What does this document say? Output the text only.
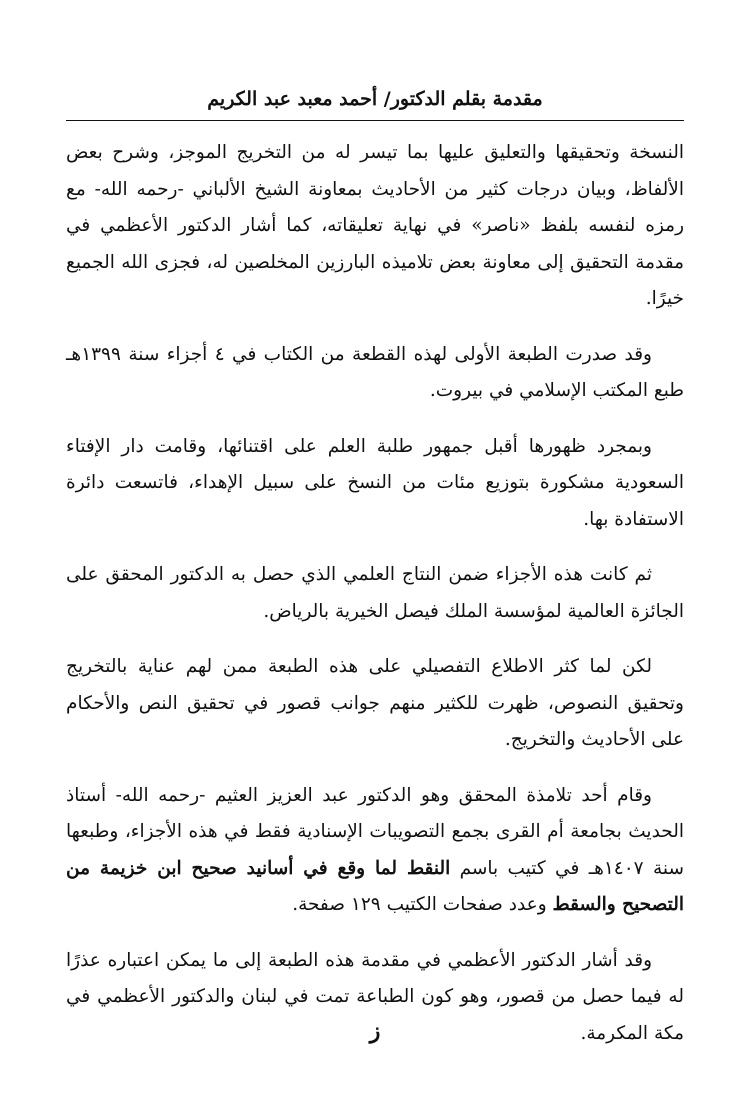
مقدمة بقلم الدكتور/ أحمد معبد عبد الكريم

النسخة وتحقيقها والتعليق عليها بما تيسر له من التخريج الموجز، وشرح بعض الألفاظ، وبيان درجات كثير من الأحاديث بمعاونة الشيخ الألباني -رحمه الله- مع رمزه لنفسه بلفظ «ناصر» في نهاية تعليقاته، كما أشار الدكتور الأعظمي في مقدمة التحقيق إلى معاونة بعض تلاميذه البارزين المخلصين له، فجزى الله الجميع خيرًا.

وقد صدرت الطبعة الأولى لهذه القطعة من الكتاب في ٤ أجزاء سنة ١٣٩٩هـ طبع المكتب الإسلامي في بيروت.

وبمجرد ظهورها أقبل جمهور طلبة العلم على اقتنائها، وقامت دار الإفتاء السعودية مشكورة بتوزيع مئات من النسخ على سبيل الإهداء، فاتسعت دائرة الاستفادة بها.

ثم كانت هذه الأجزاء ضمن النتاج العلمي الذي حصل به الدكتور المحقق على الجائزة العالمية لمؤسسة الملك فيصل الخيرية بالرياض.

لكن لما كثر الاطلاع التفصيلي على هذه الطبعة ممن لهم عناية بالتخريج وتحقيق النصوص، ظهرت للكثير منهم جوانب قصور في تحقيق النص والأحكام على الأحاديث والتخريج.

وقام أحد تلامذة المحقق وهو الدكتور عبد العزيز العثيم -رحمه الله- أستاذ الحديث بجامعة أم القرى بجمع التصويبات الإسنادية فقط في هذه الأجزاء، وطبعها سنة ١٤٠٧هـ في كتيب باسم النقط لما وقع في أسانيد صحيح ابن خزيمة من التصحيح والسقط وعدد صفحات الكتيب ١٢٩ صفحة.

وقد أشار الدكتور الأعظمي في مقدمة هذه الطبعة إلى ما يمكن اعتباره عذرًا له فيما حصل من قصور، وهو كون الطباعة تمت في لبنان والدكتور الأعظمي في مكة المكرمة.

ز
